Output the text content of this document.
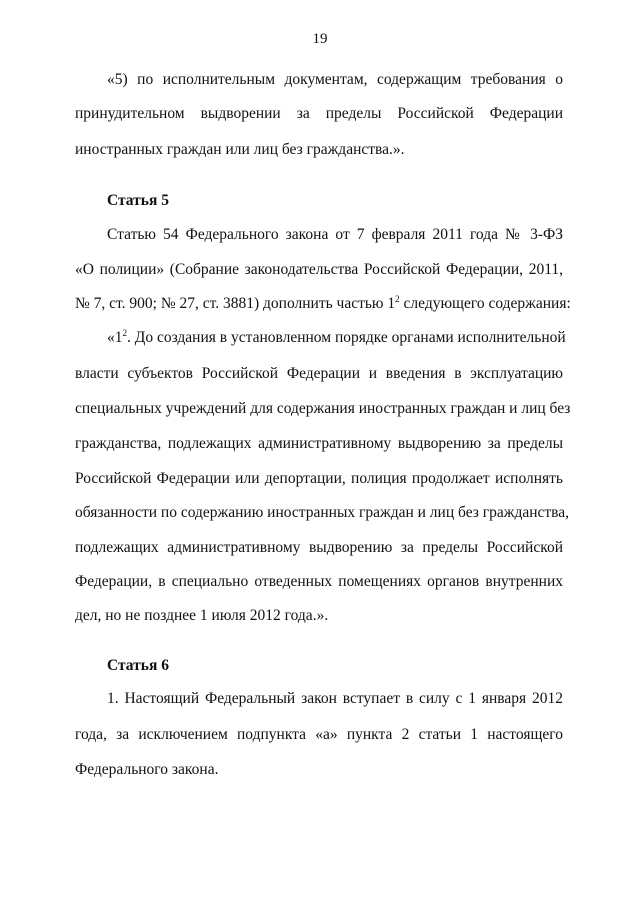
19
«5) по исполнительным документам, содержащим требования о
принудительном выдворении за пределы Российской Федерации
иностранных граждан или лиц без гражданства.».
Статья 5
Статью 54 Федерального закона от 7 февраля 2011 года № 3-ФЗ
«О полиции» (Собрание законодательства Российской Федерации, 2011,
№ 7, ст. 900; № 27, ст. 3881) дополнить частью $1^2$ следующего содержания:
«$1^2$. До создания в установленном порядке органами исполнительной
власти субъектов Российской Федерации и введения в эксплуатацию
специальных учреждений для содержания иностранных граждан и лиц без
гражданства, подлежащих административному выдворению за пределы
Российской Федерации или депортации, полиция продолжает исполнять
обязанности по содержанию иностранных граждан и лиц без гражданства,
подлежащих административному выдворению за пределы Российской
Федерации, в специально отведенных помещениях органов внутренних
дел, но не позднее 1 июля 2012 года.».
Статья 6
1. Настоящий Федеральный закон вступает в силу с 1 января 2012
года, за исключением подпункта «а» пункта 2 статьи 1 настоящего
Федерального закона.
